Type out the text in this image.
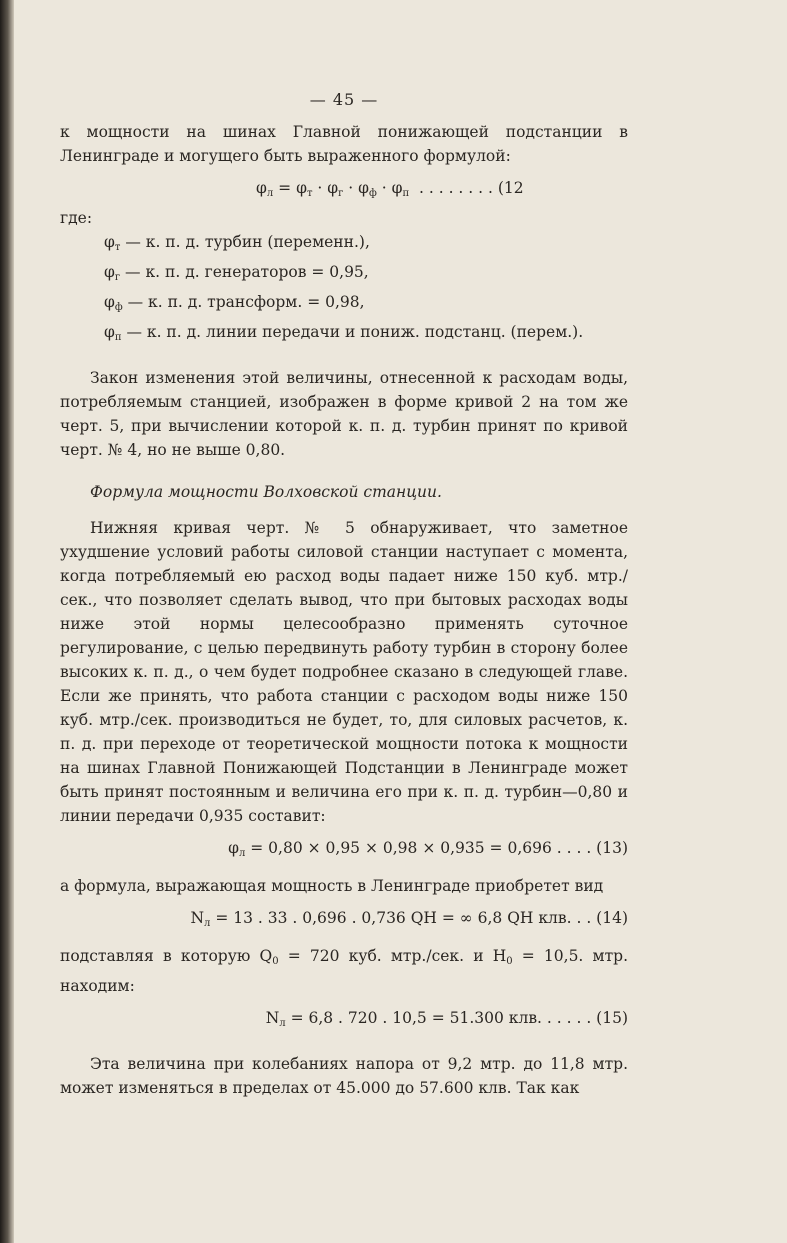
— 45 —

к мощности на шинах Главной понижающей подстанции в Ленинграде и могущего быть выраженного формулой:

$\varphi_л = \varphi_т \cdot \varphi_г \cdot \varphi_ф \cdot \varphi_п$ . . . . . . . . (12
где:
$\varphi_т$ — к. п. д. турбин (переменн.),
$\varphi_г$ — к. п. д. генераторов = 0,95,
$\varphi_ф$ — к. п. д. трансформ. = 0,98,
$\varphi_п$ — к. п. д. линии передачи и пониж. подстанц. (перем.).

Закон изменения этой величины, отнесенной к расходам воды, потребляемым станцией, изображен в форме кривой 2 на том же черт. 5, при вычислении которой к. п. д. турбин принят по кривой черт. № 4, но не выше 0,80.

Формула мощности Волховской станции.

Нижняя кривая черт. № 5 обнаруживает, что заметное ухудшение условий работы силовой станции наступает с момента, когда потребляемый ею расход воды падает ниже 150 куб. мтр./сек., что позволяет сделать вывод, что при бытовых расходах воды ниже этой нормы целесообразно применять суточное регулирование, с целью передвинуть работу турбин в сторону более высоких к. п. д., о чем будет подробнее сказано в следующей главе. Если же принять, что работа станции с расходом воды ниже 150 куб. мтр./сек. производиться не будет, то, для силовых расчетов, к. п. д. при переходе от теоретической мощности потока к мощности на шинах Главной Понижающей Подстанции в Ленинграде может быть принят постоянным и величина его при к. п. д. турбин—0,80 и линии передачи 0,935 составит:

$\varphi_л = 0,80 \times 0,95 \times 0,98 \times 0,935 = 0,696$ . . . . (13)

а формула, выражающая мощность в Ленинграде приобретет вид

$N_л = 13$ . 33 . 0,696 . 0,736 QH = ∞ 6,8 QH клв. . . (14)

подставляя в которую $Q_0 = 720$ куб. мтр./сек. и $H_0 = 10,5$. мтр. находим:

$N_л = 6,8$ . 720 . 10,5 = 51.300 клв. . . . . . (15)

Эта величина при колебаниях напора от 9,2 мтр. до 11,8 мтр. может изменяться в пределах от 45.000 до 57.600 клв. Так как
